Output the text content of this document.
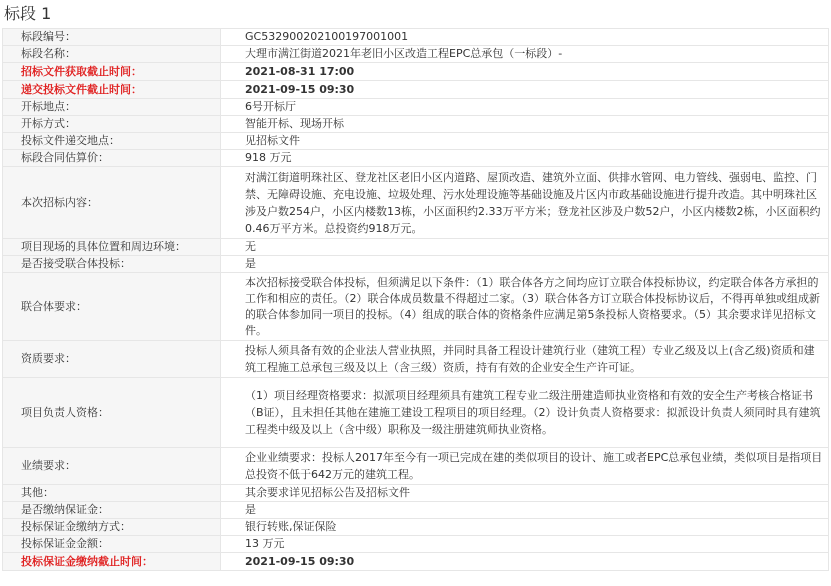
标段 1
标段编号：	GC532900202100197001001
标段名称：	大理市满江街道2021年老旧小区改造工程EPC总承包（一标段）-
招标文件获取截止时间：	2021-08-31 17:00
递交投标文件截止时间：	2021-09-15 09:30
开标地点：	6号开标厅
开标方式：	智能开标、现场开标
投标文件递交地点：	见招标文件
标段合同估算价：	918 万元
本次招标内容：	对满江街道明珠社区、登龙社区老旧小区内道路、屋顶改造、建筑外立面、供排水管网、电力管线、强弱电、监控、门禁、无障碍设施、充电设施、垃圾处理、污水处理设施等基础设施及片区内市政基础设施进行提升改造。其中明珠社区涉及户数254户，小区内楼数13栋，小区面积约2.33万平方米；登龙社区涉及户数52户，小区内楼数2栋，小区面积约0.46万平方米。总投资约918万元。
项目现场的具体位置和周边环境：	无
是否接受联合体投标：	是
联合体要求：	本次招标接受联合体投标，但须满足以下条件：（1）联合体各方之间均应订立联合体投标协议，约定联合体各方承担的工作和相应的责任。（2）联合体成员数量不得超过二家。（3）联合体各方订立联合体投标协议后，不得再单独或组成新的联合体参加同一项目的投标。（4）组成的联合体的资格条件应满足第5条投标人资格要求。（5）其余要求详见招标文件。
资质要求：	投标人须具备有效的企业法人营业执照，并同时具备工程设计建筑行业（建筑工程）专业乙级及以上(含乙级)资质和建筑工程施工总承包三级及以上（含三级）资质，持有有效的企业安全生产许可证。
项目负责人资格：	（1）项目经理资格要求：拟派项目经理须具有建筑工程专业二级注册建造师执业资格和有效的安全生产考核合格证书（B证），且未担任其他在建施工建设工程项目的项目经理。（2）设计负责人资格要求：拟派设计负责人须同时具有建筑工程类中级及以上（含中级）职称及一级注册建筑师执业资格。
业绩要求：	企业业绩要求：投标人2017年至今有一项已完成在建的类似项目的设计、施工或者EPC总承包业绩，类似项目是指项目总投资不低于642万元的建筑工程。
其他：	其余要求详见招标公告及招标文件
是否缴纳保证金：	是
投标保证金缴纳方式：	银行转账,保证保险
投标保证金金额：	13 万元
投标保证金缴纳截止时间：	2021-09-15 09:30
